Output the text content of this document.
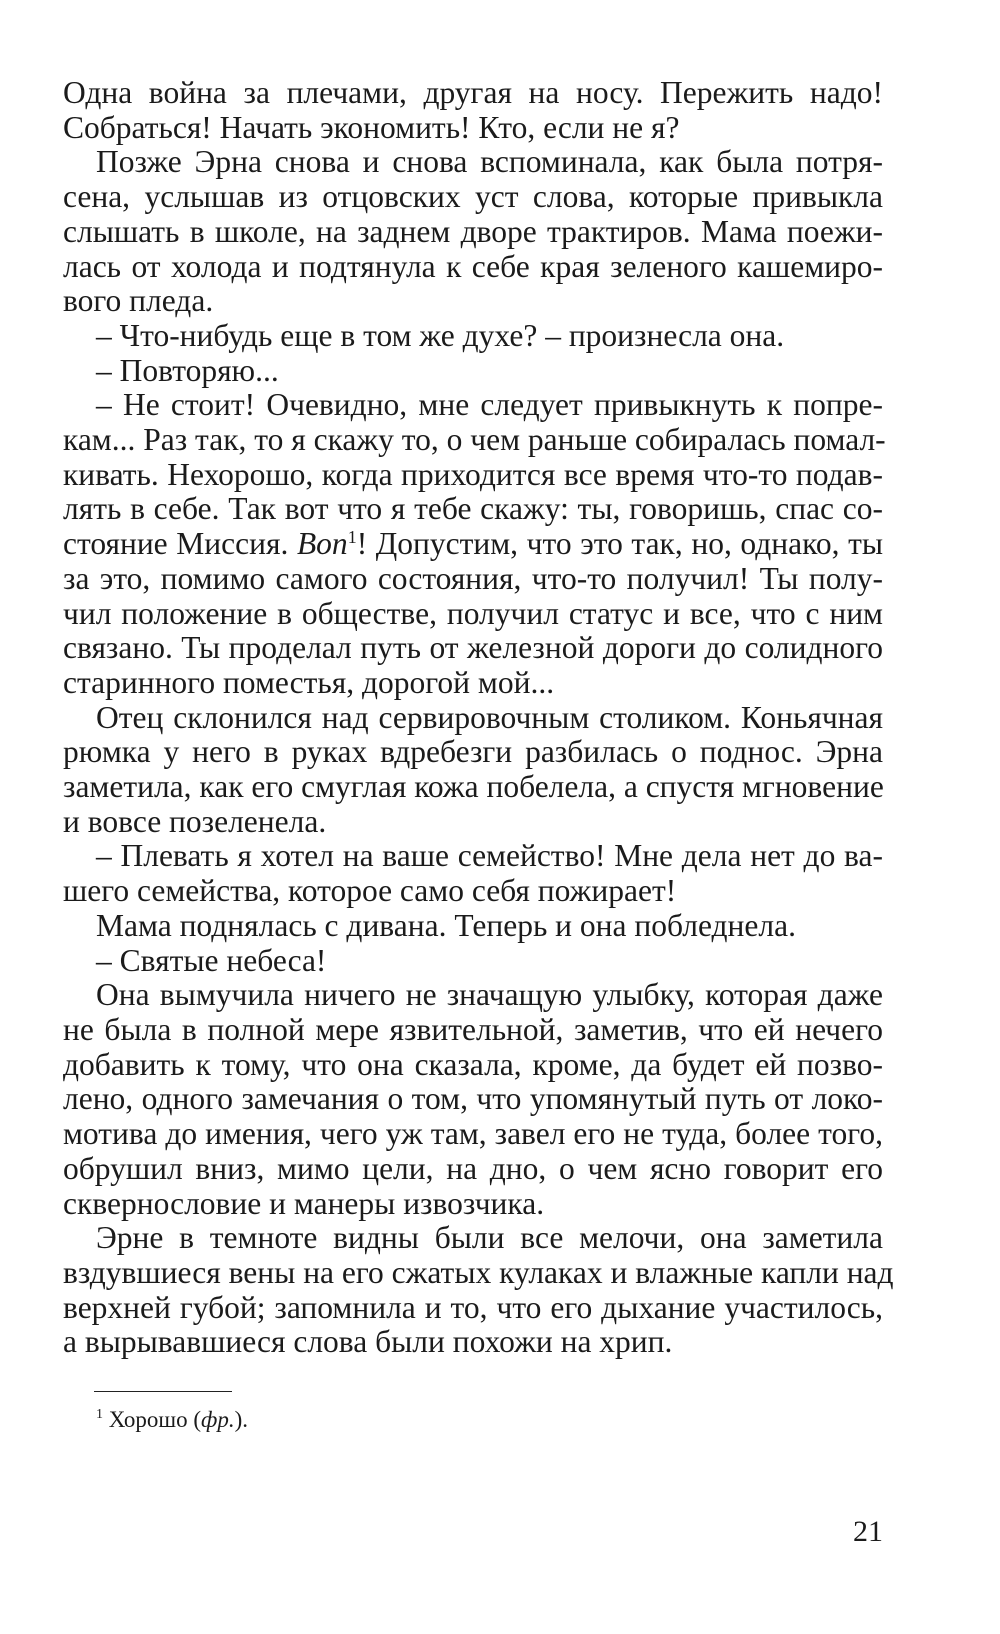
Одна война за плечами, другая на носу. Пережить надо!
Собраться! Начать экономить! Кто, если не я?
Позже Эрна снова и снова вспоминала, как была потря-
сена, услышав из отцовских уст слова, которые привыкла
слышать в школе, на заднем дворе трактиров. Мама поежи-
лась от холода и подтянула к себе края зеленого кашемиро-
вого пледа.
– Что-нибудь еще в том же духе? – произнесла она.
– Повторяю...
– Не стоит! Очевидно, мне следует привыкнуть к попре-
кам... Раз так, то я скажу то, о чем раньше собиралась помал-
кивать. Нехорошо, когда приходится все время что-то подав-
лять в себе. Так вот что я тебе скажу: ты, говоришь, спас со-
стояние Миссия. Bon$^1$! Допустим, что это так, но, однако, ты
за это, помимо самого состояния, что-то получил! Ты полу-
чил положение в обществе, получил статус и все, что с ним
связано. Ты проделал путь от железной дороги до солидного
старинного поместья, дорогой мой...
Отец склонился над сервировочным столиком. Коньячная
рюмка у него в руках вдребезги разбилась о поднос. Эрна
заметила, как его смуглая кожа побелела, а спустя мгновение
и вовсе позеленела.
– Плевать я хотел на ваше семейство! Мне дела нет до ва-
шего семейства, которое само себя пожирает!
Мама поднялась с дивана. Теперь и она побледнела.
– Святые небеса!
Она вымучила ничего не значащую улыбку, которая даже
не была в полной мере язвительной, заметив, что ей нечего
добавить к тому, что она сказала, кроме, да будет ей позво-
лено, одного замечания о том, что упомянутый путь от локо-
мотива до имения, чего уж там, завел его не туда, более того,
обрушил вниз, мимо цели, на дно, о чем ясно говорит его
сквернословие и манеры извозчика.
Эрне в темноте видны были все мелочи, она заметила
вздувшиеся вены на его сжатых кулаках и влажные капли над
верхней губой; запомнила и то, что его дыхание участилось,
а вырывавшиеся слова были похожи на хрип.
$^1$ Хорошо (фр.).
21
